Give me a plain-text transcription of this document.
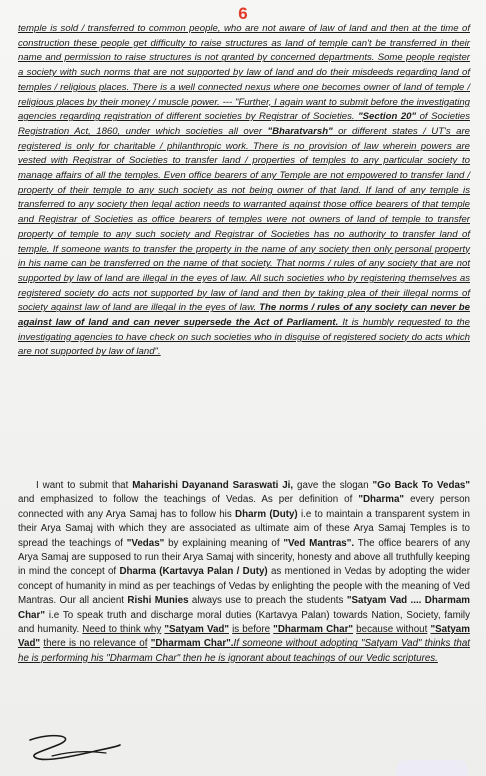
6
temple is sold / transferred to common people, who are not aware of law of land and then at the time of construction these people get difficulty to raise structures as land of temple can't be transferred in their name and permission to raise structures is not granted by concerned departments. Some people register a society with such norms that are not supported by law of land and do their misdeeds regarding land of temples / religious places. There is a well connected nexus where one becomes owner of land of temple / religious places by their money / muscle power. --- "Further, I again want to submit before the investigating agencies regarding registration of different societies by Registrar of Societies. "Section 20" of Societies Registration Act, 1860, under which societies all over "Bharatvarsh" or different states / UT's are registered is only for charitable / philanthropic work. There is no provision of law wherein powers are vested with Registrar of Societies to transfer land / properties of temples to any particular society to manage affairs of all the temples. Even office bearers of any Temple are not empowered to transfer land / property of their temple to any such society as not being owner of that land. If land of any temple is transferred to any society then legal action needs to warranted against those office bearers of that temple and Registrar of Societies as office bearers of temples were not owners of land of temple to transfer property of temple to any such society and Registrar of Societies has no authority to transfer land of temple. If someone wants to transfer the property in the name of any society then only personal property in his name can be transferred on the name of that society. That norms / rules of any society that are not supported by law of land are illegal in the eyes of law. All such societies who by registering themselves as registered society do acts not supported by law of land and then by taking plea of their illegal norms of society against law of land are illegal in the eyes of law. The norms / rules of any society can never be against law of land and can never supersede the Act of Parliament. It is humbly requested to the investigating agencies to have check on such societies who in disguise of registered society do acts which are not supported by law of land".
I want to submit that Maharishi Dayanand Saraswati Ji, gave the slogan "Go Back To Vedas" and emphasized to follow the teachings of Vedas. As per definition of "Dharma" every person connected with any Arya Samaj has to follow his Dharm (Duty) i.e to maintain a transparent system in their Arya Samaj with which they are associated as ultimate aim of these Arya Samaj Temples is to spread the teachings of "Vedas" by explaining meaning of "Ved Mantras". The office bearers of any Arya Samaj are supposed to run their Arya Samaj with sincerity, honesty and above all truthfully keeping in mind the concept of Dharma (Kartavya Palan / Duty) as mentioned in Vedas by adopting the wider concept of humanity in mind as per teachings of Vedas by enlighting the people with the meaning of Ved Mantras. Our all ancient Rishi Munies always use to preach the students "Satyam Vad .... Dharmam Char" i.e To speak truth and discharge moral duties (Kartavya Palan) towards Nation, Society, family and humanity. Need to think why "Satyam Vad" is before "Dharmam Char" because without "Satyam Vad" there is no relevance of "Dharmam Char".If someone without adopting "Satyam Vad" thinks that he is performing his "Dharmam Char" then he is ignorant about teachings of our Vedic scriptures.
